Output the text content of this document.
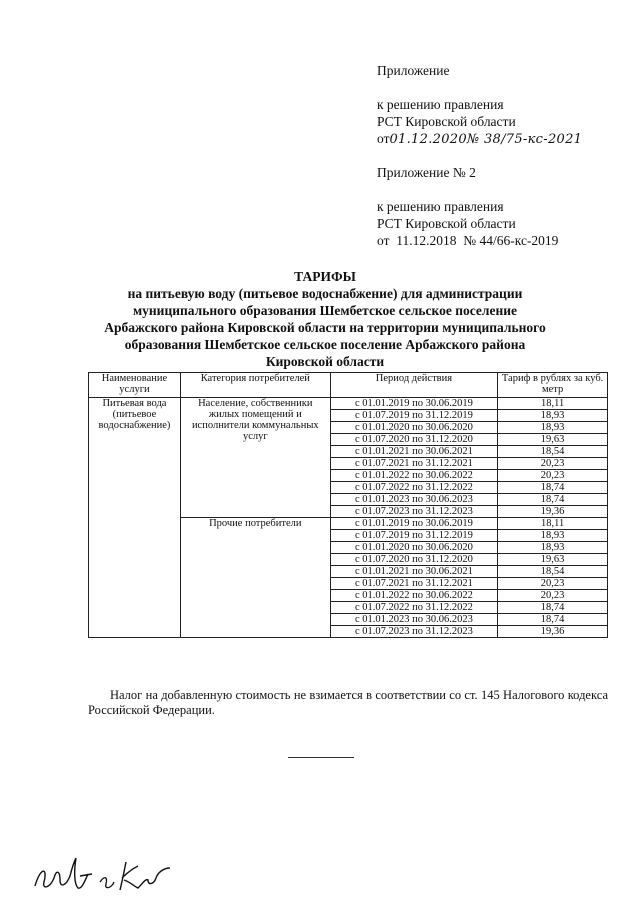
Приложение
к решению правления
РСТ Кировской области
от01.12.2020№ 38/75-кс-2021
Приложение № 2
к решению правления
РСТ Кировской области
от  11.12.2018  № 44/66-кс-2019
ТАРИФЫ
на питьевую воду (питьевое водоснабжение) для администрации
муниципального образования Шембетское сельское поселение
Арбажского района Кировской области на территории муниципального
образования Шембетское сельское поселение Арбажского района
Кировской области
Наименование услуги	Категория потребителей	Период действия	Тариф в рублях за куб. метр
Питьевая вода (питьевое водоснабжение)	Население, собственники жилых помещений и исполнители коммунальных услуг	с 01.01.2019 по 30.06.2019	18,11
		с 01.07.2019 по 31.12.2019	18,93
		с 01.01.2020 по 30.06.2020	18,93
		с 01.07.2020 по 31.12.2020	19,63
		с 01.01.2021 по 30.06.2021	18,54
		с 01.07.2021 по 31.12.2021	20,23
		с 01.01.2022 по 30.06.2022	20,23
		с 01.07.2022 по 31.12.2022	18,74
		с 01.01.2023 по 30.06.2023	18,74
		с 01.07.2023 по 31.12.2023	19,36
	Прочие потребители	с 01.01.2019 по 30.06.2019	18,11
		с 01.07.2019 по 31.12.2019	18,93
		с 01.01.2020 по 30.06.2020	18,93
		с 01.07.2020 по 31.12.2020	19,63
		с 01.01.2021 по 30.06.2021	18,54
		с 01.07.2021 по 31.12.2021	20,23
		с 01.01.2022 по 30.06.2022	20,23
		с 01.07.2022 по 31.12.2022	18,74
		с 01.01.2023 по 30.06.2023	18,74
		с 01.07.2023 по 31.12.2023	19,36
Налог на добавленную стоимость не взимается в соответствии со ст. 145 Налогового кодекса Российской Федерации.
